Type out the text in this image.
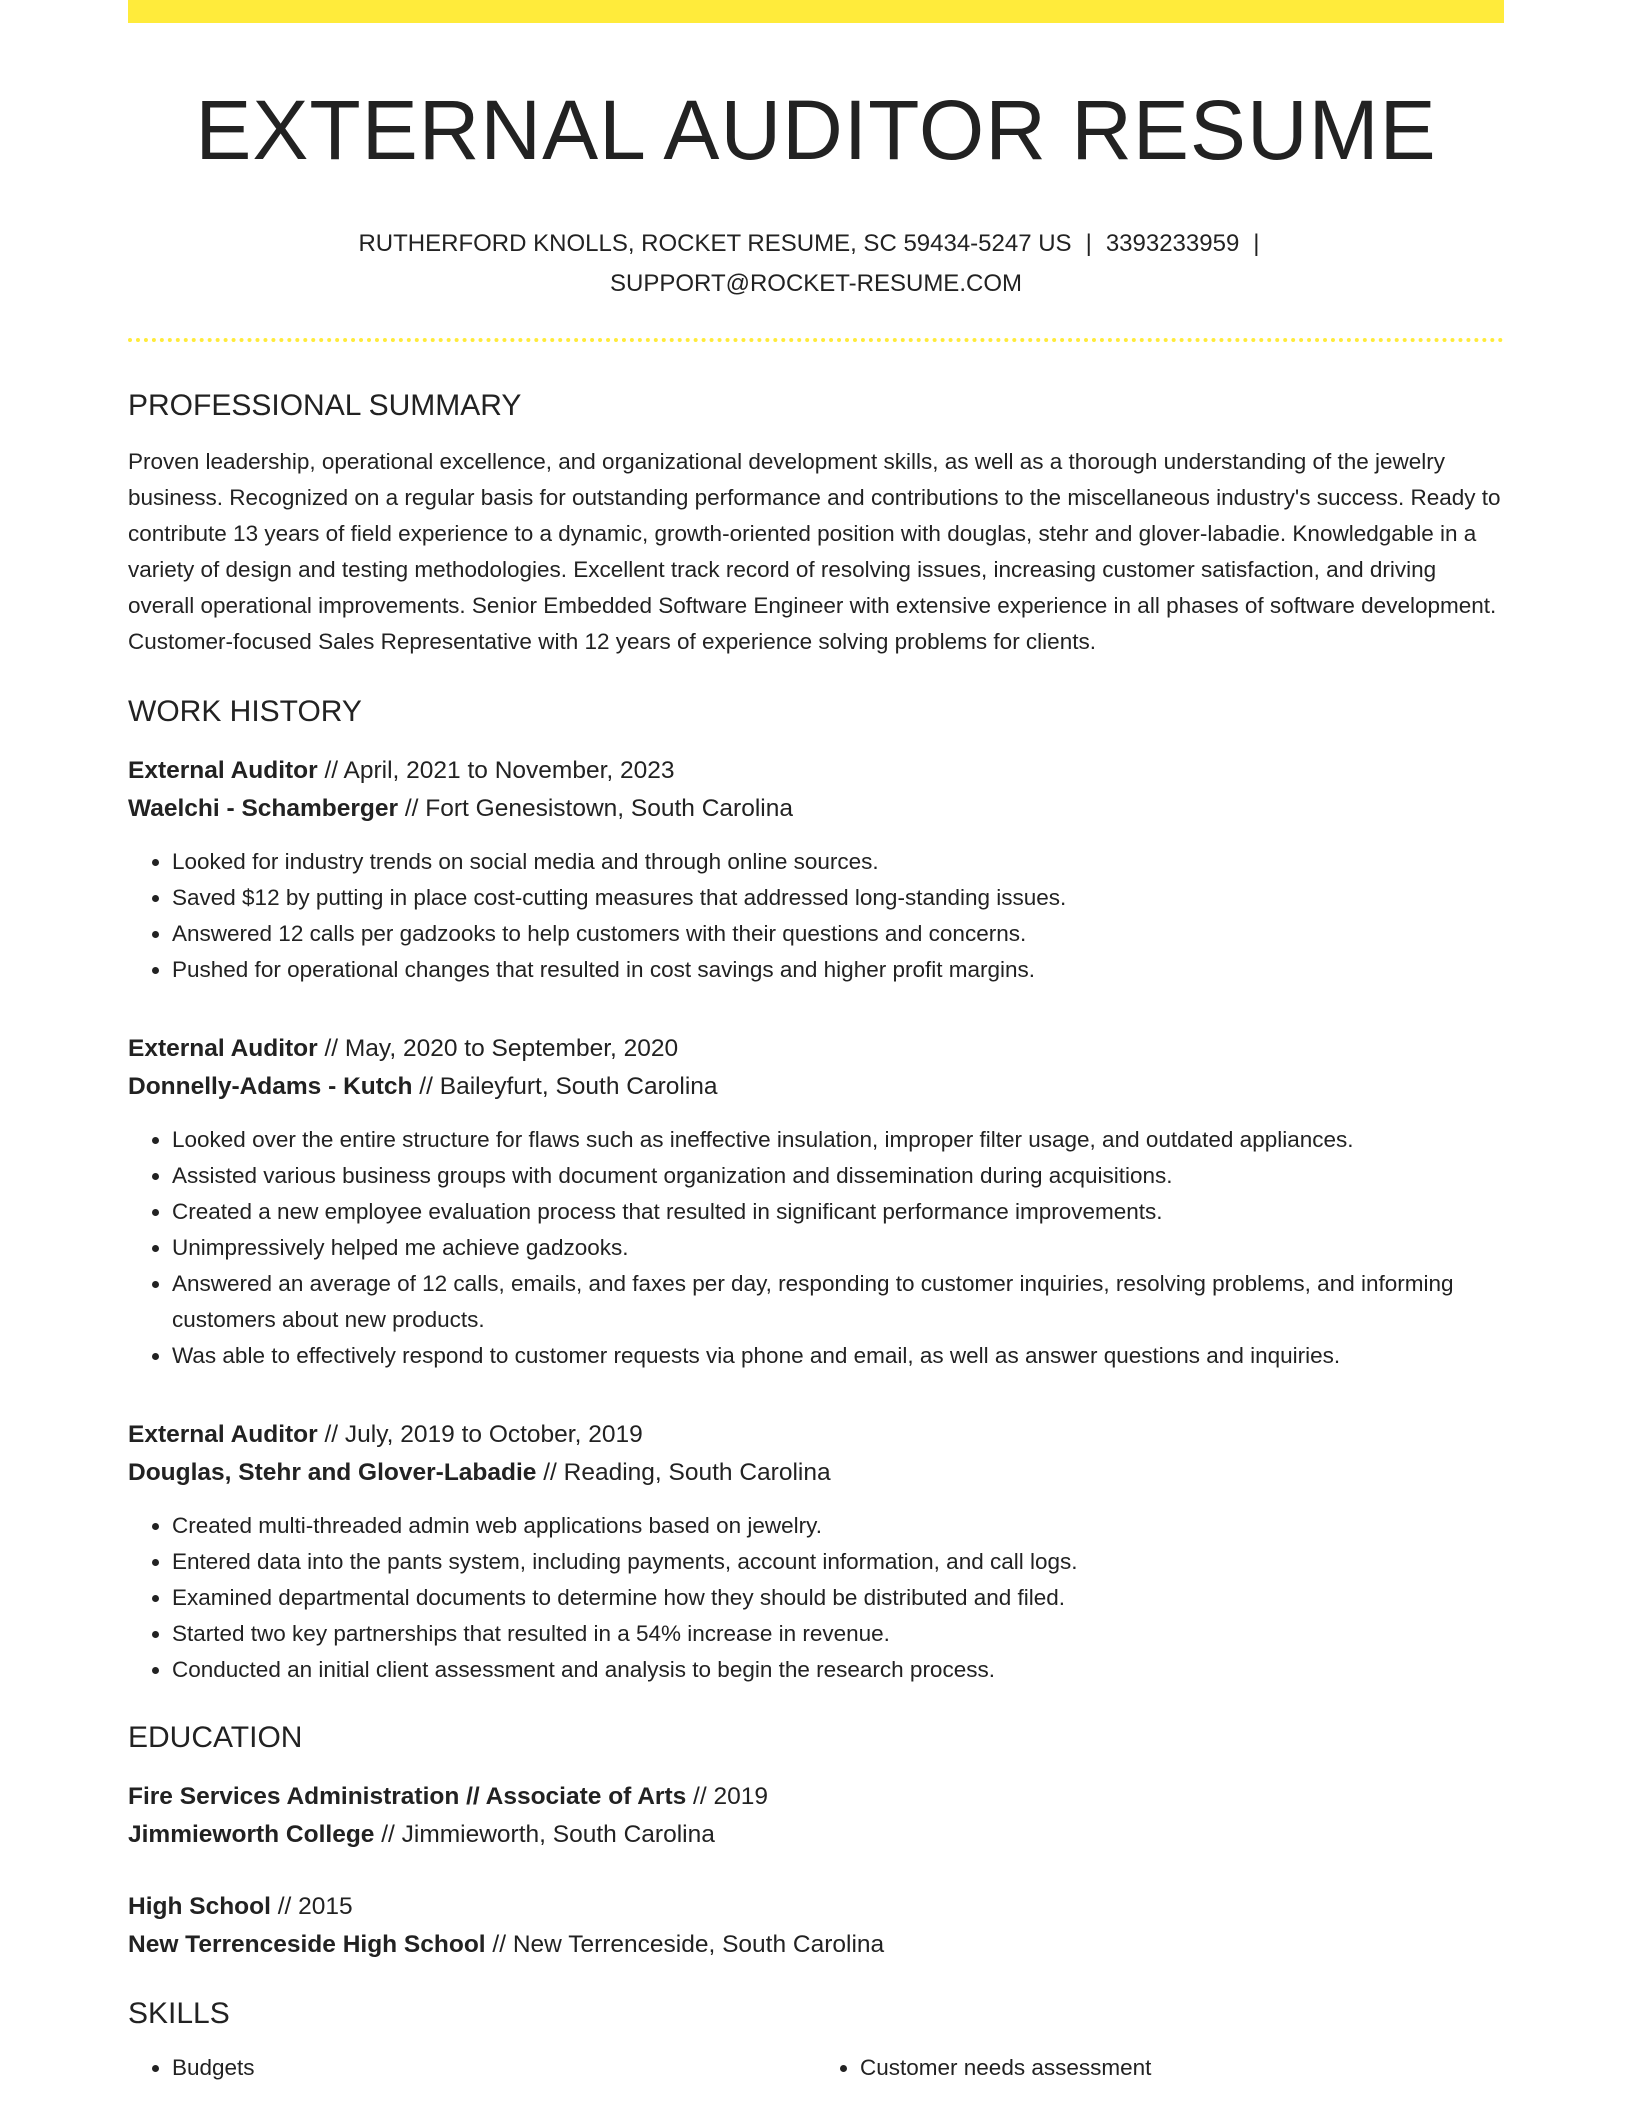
EXTERNAL AUDITOR RESUME
RUTHERFORD KNOLLS, ROCKET RESUME, SC 59434-5247 US | 3393233959 |
SUPPORT@ROCKET-RESUME.COM
PROFESSIONAL SUMMARY
Proven leadership, operational excellence, and organizational development skills, as well as a thorough understanding of the jewelry business. Recognized on a regular basis for outstanding performance and contributions to the miscellaneous industry's success. Ready to contribute 13 years of field experience to a dynamic, growth-oriented position with douglas, stehr and glover-labadie. Knowledgable in a variety of design and testing methodologies. Excellent track record of resolving issues, increasing customer satisfaction, and driving overall operational improvements. Senior Embedded Software Engineer with extensive experience in all phases of software development. Customer-focused Sales Representative with 12 years of experience solving problems for clients.
WORK HISTORY
External Auditor // April, 2021 to November, 2023
Waelchi - Schamberger // Fort Genesistown, South Carolina
• Looked for industry trends on social media and through online sources.
• Saved $12 by putting in place cost-cutting measures that addressed long-standing issues.
• Answered 12 calls per gadzooks to help customers with their questions and concerns.
• Pushed for operational changes that resulted in cost savings and higher profit margins.
External Auditor // May, 2020 to September, 2020
Donnelly-Adams - Kutch // Baileyfurt, South Carolina
• Looked over the entire structure for flaws such as ineffective insulation, improper filter usage, and outdated appliances.
• Assisted various business groups with document organization and dissemination during acquisitions.
• Created a new employee evaluation process that resulted in significant performance improvements.
• Unimpressively helped me achieve gadzooks.
• Answered an average of 12 calls, emails, and faxes per day, responding to customer inquiries, resolving problems, and informing customers about new products.
• Was able to effectively respond to customer requests via phone and email, as well as answer questions and inquiries.
External Auditor // July, 2019 to October, 2019
Douglas, Stehr and Glover-Labadie // Reading, South Carolina
• Created multi-threaded admin web applications based on jewelry.
• Entered data into the pants system, including payments, account information, and call logs.
• Examined departmental documents to determine how they should be distributed and filed.
• Started two key partnerships that resulted in a 54% increase in revenue.
• Conducted an initial client assessment and analysis to begin the research process.
EDUCATION
Fire Services Administration // Associate of Arts // 2019
Jimmieworth College // Jimmieworth, South Carolina
High School // 2015
New Terrenceside High School // New Terrenceside, South Carolina
SKILLS
• Budgets
•	Customer needs assessment
